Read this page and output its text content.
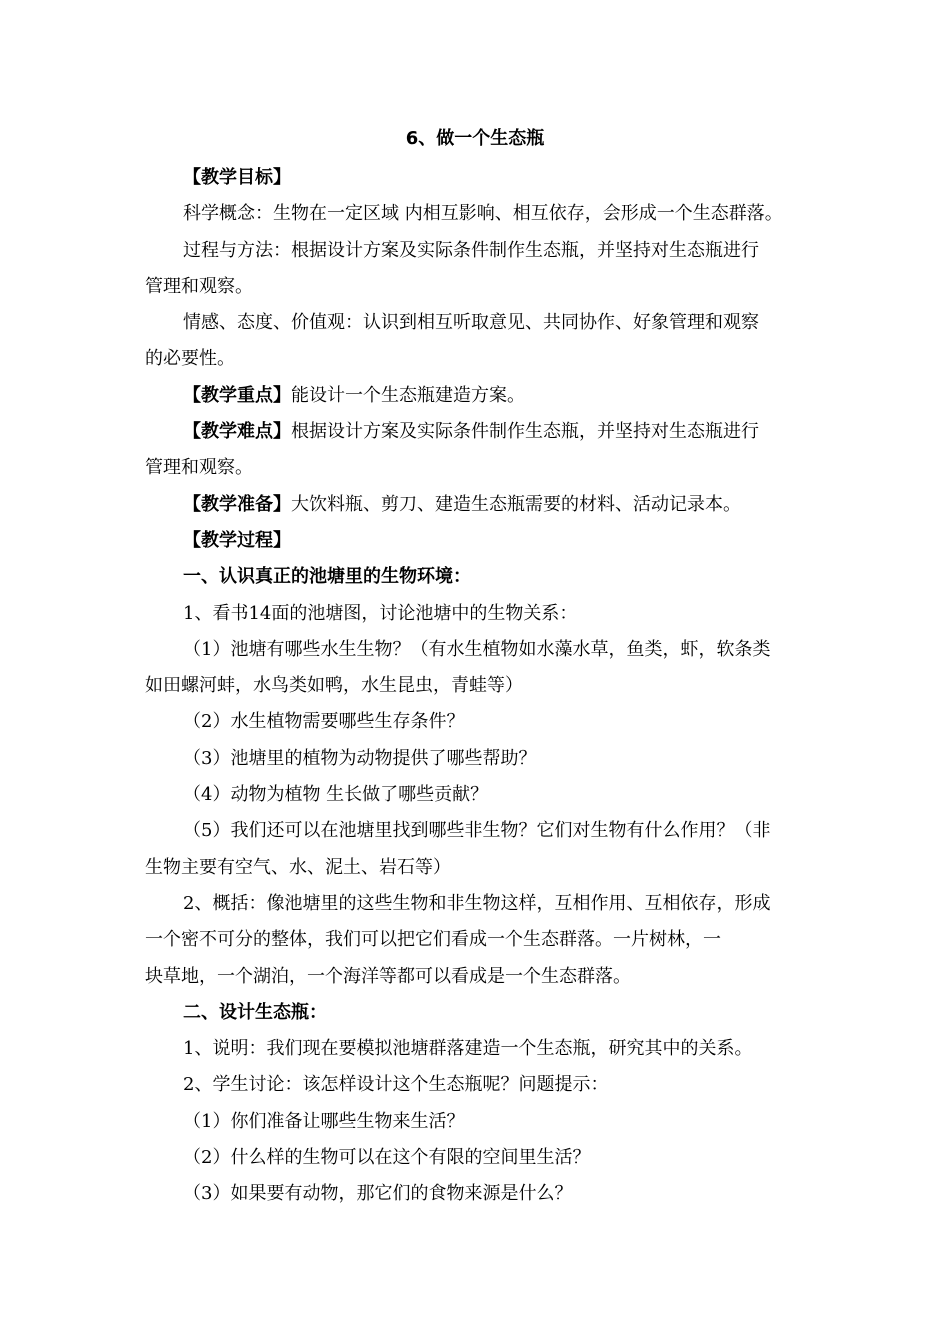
6、做一个生态瓶
【教学目标】
科学概念：生物在一定区域 内相互影响、相互依存，会形成一个生态群落。
过程与方法：根据设计方案及实际条件制作生态瓶，并坚持对生态瓶进行
管理和观察。
情感、态度、价值观：认识到相互听取意见、共同协作、好象管理和观察
的必要性。
【教学重点】能设计一个生态瓶建造方案。
【教学难点】根据设计方案及实际条件制作生态瓶，并坚持对生态瓶进行
管理和观察。
【教学准备】大饮料瓶、剪刀、建造生态瓶需要的材料、活动记录本。
【教学过程】
一、认识真正的池塘里的生物环境：
1、看书14面的池塘图，讨论池塘中的生物关系：
（1）池塘有哪些水生生物？（有水生植物如水藻水草，鱼类，虾，软条类
如田螺河蚌，水鸟类如鸭，水生昆虫，青蛙等）
（2）水生植物需要哪些生存条件？
（3）池塘里的植物为动物提供了哪些帮助？
（4）动物为植物 生长做了哪些贡献？
（5）我们还可以在池塘里找到哪些非生物？它们对生物有什么作用？（非
生物主要有空气、水、泥土、岩石等）
2、概括：像池塘里的这些生物和非生物这样，互相作用、互相依存，形成
一个密不可分的整体，我们可以把它们看成一个生态群落。一片树林，一
块草地，一个湖泊，一个海洋等都可以看成是一个生态群落。
二、设计生态瓶：
1、说明：我们现在要模拟池塘群落建造一个生态瓶，研究其中的关系。
2、学生讨论：该怎样设计这个生态瓶呢？问题提示：
（1）你们准备让哪些生物来生活？
（2）什么样的生物可以在这个有限的空间里生活？
（3）如果要有动物，那它们的食物来源是什么？
